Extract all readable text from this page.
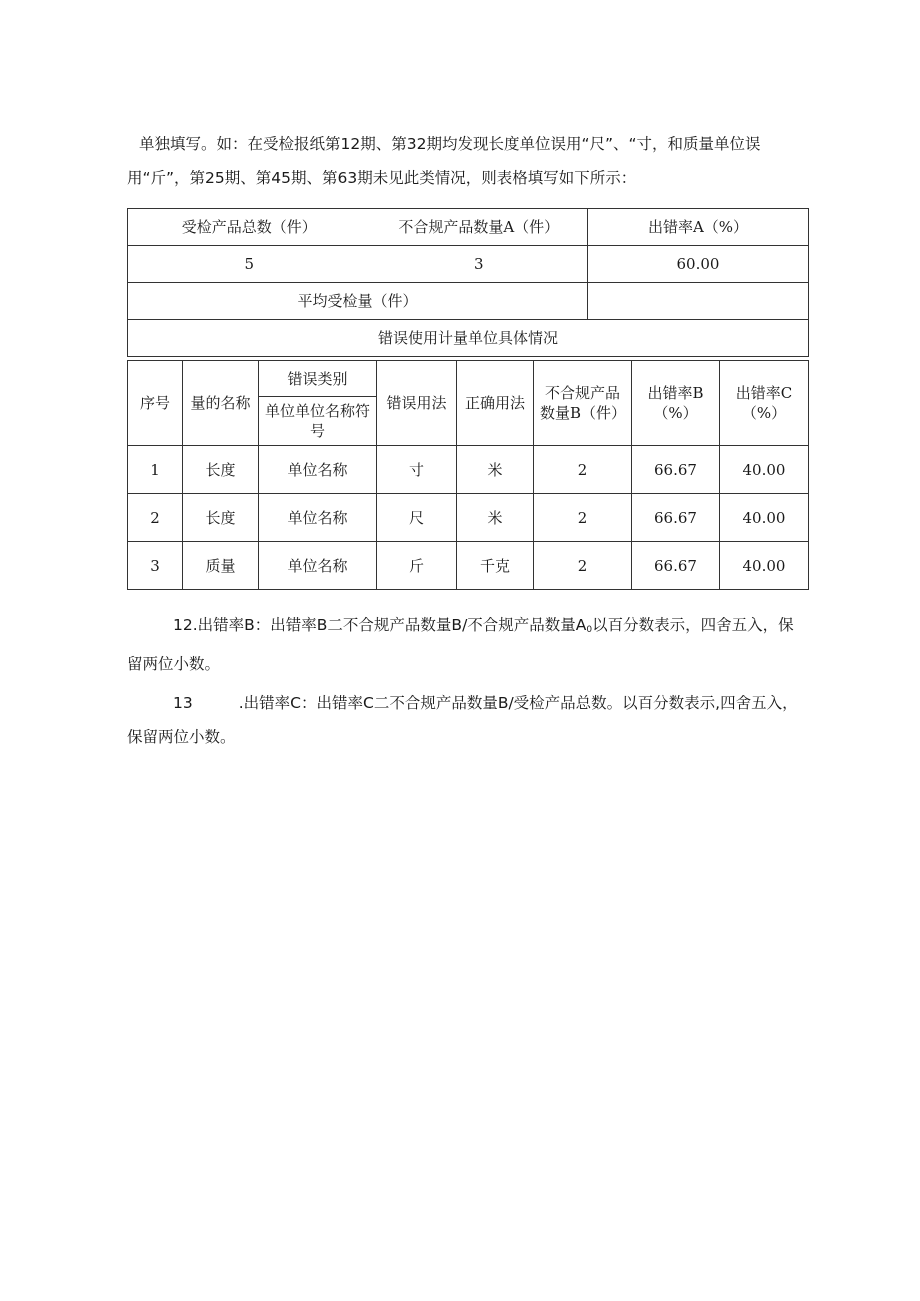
单独填写。如：在受检报纸第12期、第32期均发现长度单位误用“尺”、“寸，和质量单位误用“斤”，第25期、第45期、第63期未见此类情况，则表格填写如下所示：

受检产品总数（件）	不合规产品数量A（件）	出错率A（%）
5	3	60.00
平均受检量（件）		
错误使用计量单位具体情况		
序号	量的名称	错误类别	错误用法	正确用法	不合规产品数量B（件）	出错率B（%）	出错率C（%）
		单位单位名称符号					
1	长度	单位名称	寸	米	2	66.67	40.00
2	长度	单位名称	尺	米	2	66.67	40.00
3	质量	单位名称	斤	千克	2	66.67	40.00

12.出错率B：出错率B二不合规产品数量B/不合规产品数量$A_0$以百分数表示，四舍五入，保留两位小数。

13	.出错率C：出错率C二不合规产品数量B/受检产品总数。以百分数表示,四舍五入，保留两位小数。
